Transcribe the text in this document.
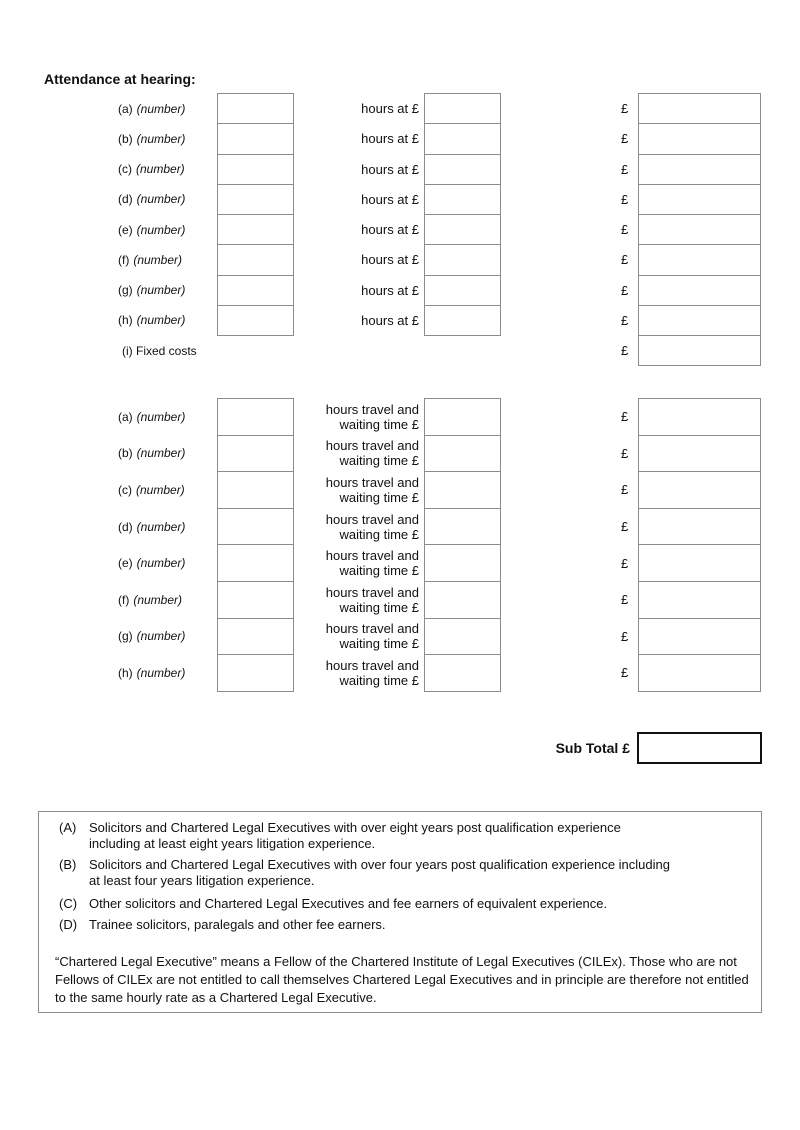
Attendance at hearing:
(a) (number)	hours at £	£
(b) (number)	hours at £	£
(c) (number)	hours at £	£
(d) (number)	hours at £	£
(e) (number)	hours at £	£
(f) (number)	hours at £	£
(g) (number)	hours at £	£
(h) (number)	hours at £	£
(i) Fixed costs	£
(a) (number)	hours travel and
waiting time £	£
(b) (number)	hours travel and
waiting time £	£
(c) (number)	hours travel and
waiting time £	£
(d) (number)	hours travel and
waiting time £	£
(e) (number)	hours travel and
waiting time £	£
(f) (number)	hours travel and
waiting time £	£
(g) (number)	hours travel and
waiting time £	£
(h) (number)	hours travel and
waiting time £	£
Sub Total £
(A) Solicitors and Chartered Legal Executives with over eight years post qualification experience
including at least eight years litigation experience.
(B) Solicitors and Chartered Legal Executives with over four years post qualification experience including
at least four years litigation experience.
(C) Other solicitors and Chartered Legal Executives and fee earners of equivalent experience.
(D) Trainee solicitors, paralegals and other fee earners.
“Chartered Legal Executive” means a Fellow of the Chartered Institute of Legal Executives (CILEx). Those who are not Fellows of CILEx are not entitled to call themselves Chartered Legal Executives and in principle are therefore not entitled to the same hourly rate as a Chartered Legal Executive.
